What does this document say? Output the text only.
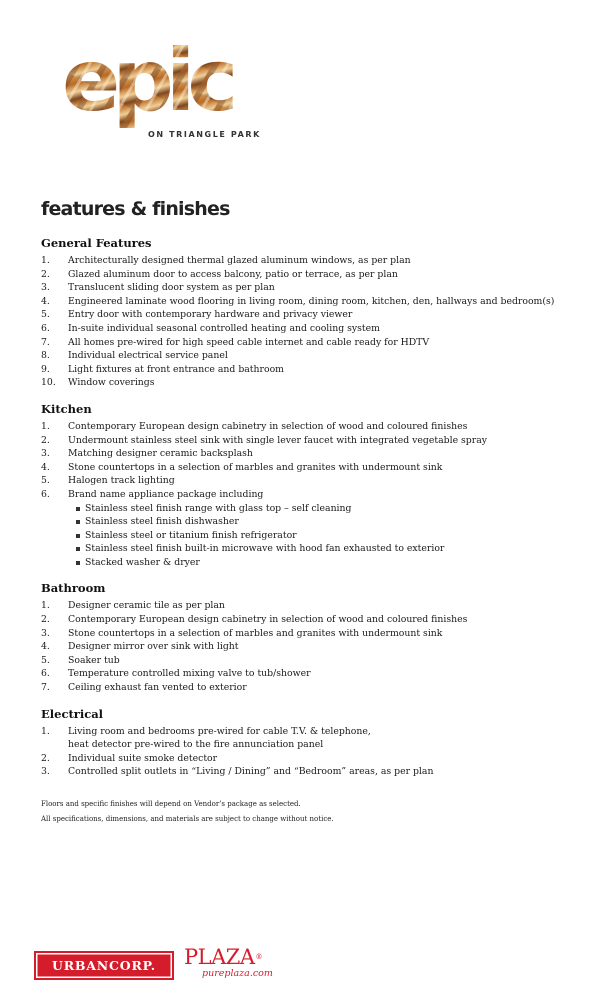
epic
ON TRIANGLE PARK
features & finishes
General Features
1. Architecturally designed thermal glazed aluminum windows, as per plan
2. Glazed aluminum door to access balcony, patio or terrace, as per plan
3. Translucent sliding door system as per plan
4. Engineered laminate wood flooring in living room, dining room, kitchen, den, hallways and bedroom(s)
5. Entry door with contemporary hardware and privacy viewer
6. In-suite individual seasonal controlled heating and cooling system
7. All homes pre-wired for high speed cable internet and cable ready for HDTV
8. Individual electrical service panel
9. Light fixtures at front entrance and bathroom
10. Window coverings
Kitchen
1. Contemporary European design cabinetry in selection of wood and coloured finishes
2. Undermount stainless steel sink with single lever faucet with integrated vegetable spray
3. Matching designer ceramic backsplash
4. Stone countertops in a selection of marbles and granites with undermount sink
5. Halogen track lighting
6. Brand name appliance package including
Stainless steel finish range with glass top – self cleaning
Stainless steel finish dishwasher
Stainless steel or titanium finish refrigerator
Stainless steel finish built-in microwave with hood fan exhausted to exterior
Stacked washer & dryer
Bathroom
1. Designer ceramic tile as per plan
2. Contemporary European design cabinetry in selection of wood and coloured finishes
3. Stone countertops in a selection of marbles and granites with undermount sink
4. Designer mirror over sink with light
5. Soaker tub
6. Temperature controlled mixing valve to tub/shower
7. Ceiling exhaust fan vented to exterior
Electrical
1. Living room and bedrooms pre-wired for cable T.V. & telephone,
heat detector pre-wired to the fire annunciation panel
2. Individual suite smoke detector
3. Controlled split outlets in “Living / Dining” and “Bedroom” areas, as per plan

Floors and specific finishes will depend on Vendor’s package as selected.

All specifications, dimensions, and materials are subject to change without notice.

URBANCORP. PLAZA®
pureplaza.com
